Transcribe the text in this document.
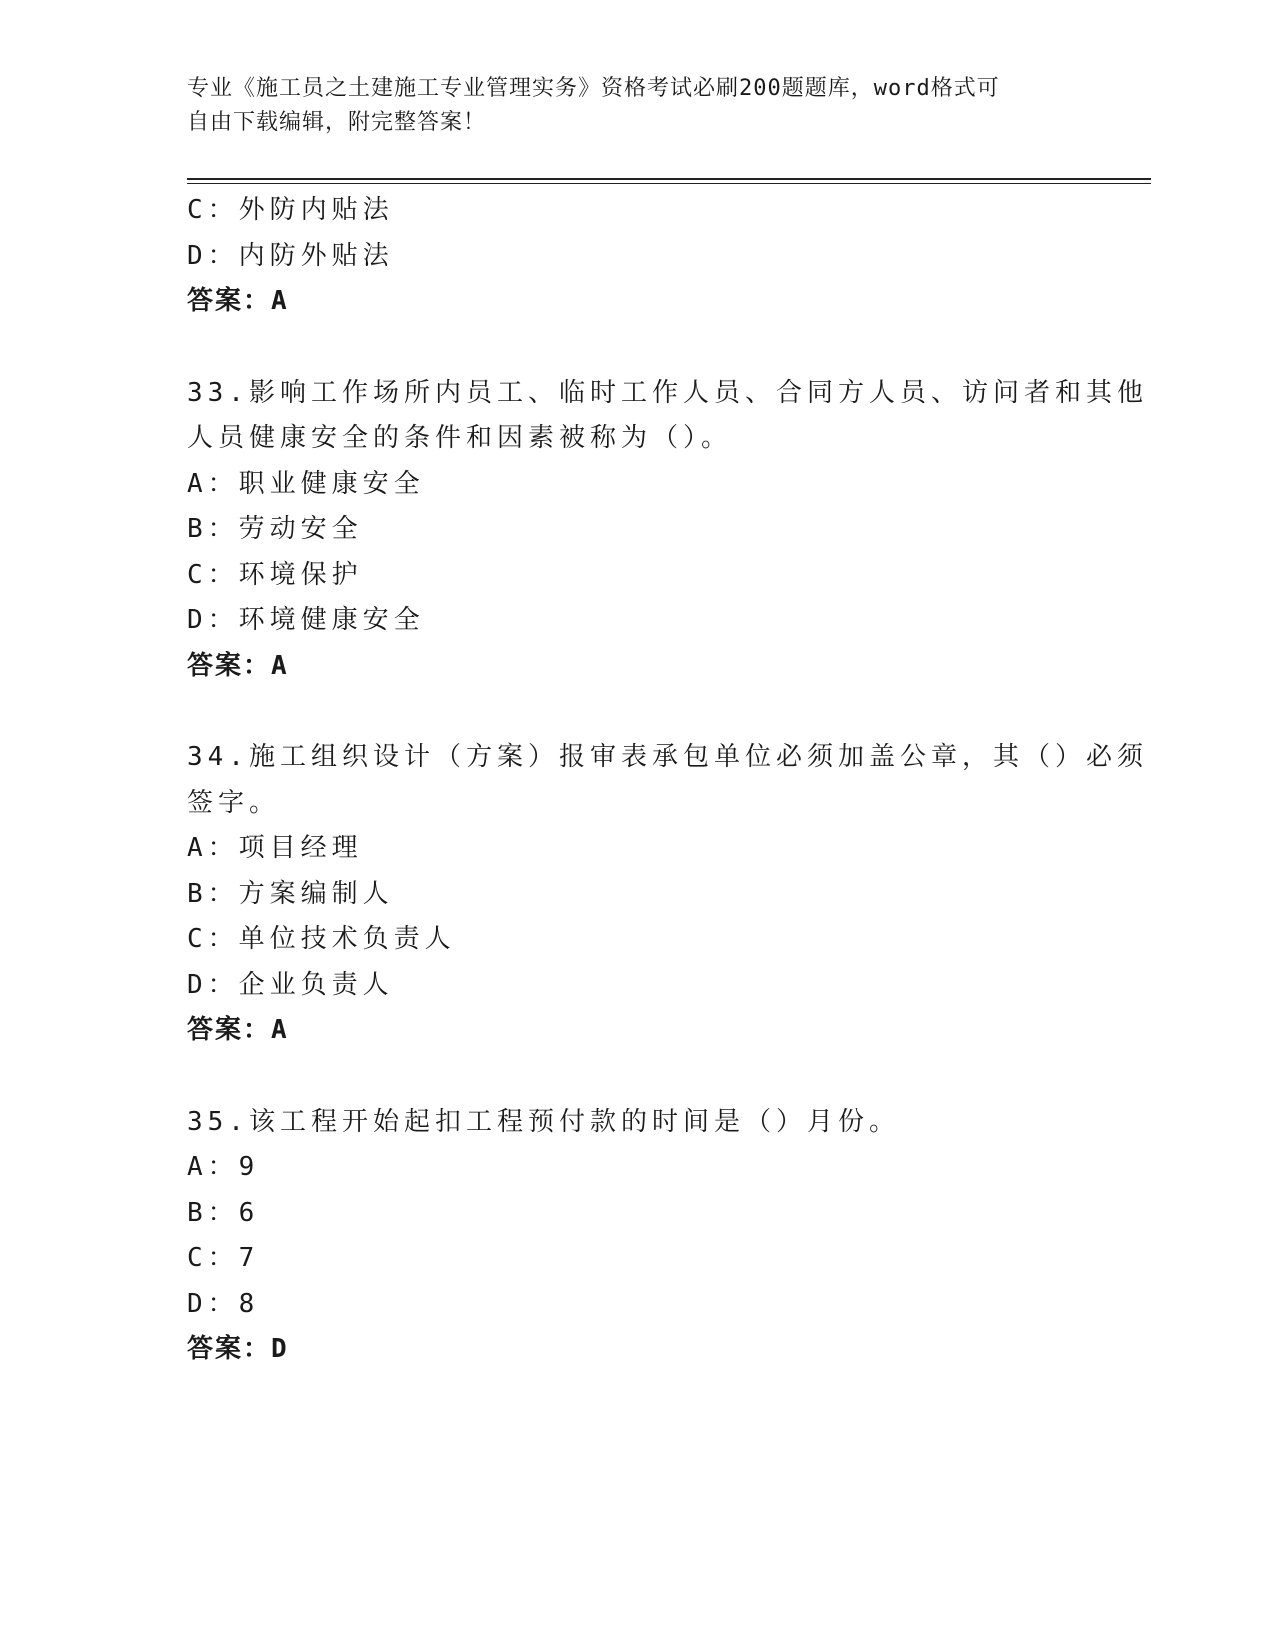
专业《施工员之土建施工专业管理实务》资格考试必刷200题题库，word格式可
自由下载编辑，附完整答案！
C：外防内贴法
D：内防外贴法
答案：A
33.影响工作场所内员工、临时工作人员、合同方人员、访问者和其他
人员健康安全的条件和因素被称为（）。
A：职业健康安全
B：劳动安全
C：环境保护
D：环境健康安全
答案：A
34.施工组织设计（方案）报审表承包单位必须加盖公章，其（）必须
签字。
A：项目经理
B：方案编制人
C：单位技术负责人
D：企业负责人
答案：A
35.该工程开始起扣工程预付款的时间是（）月份。
A：9
B：6
C：7
D：8
答案：D
